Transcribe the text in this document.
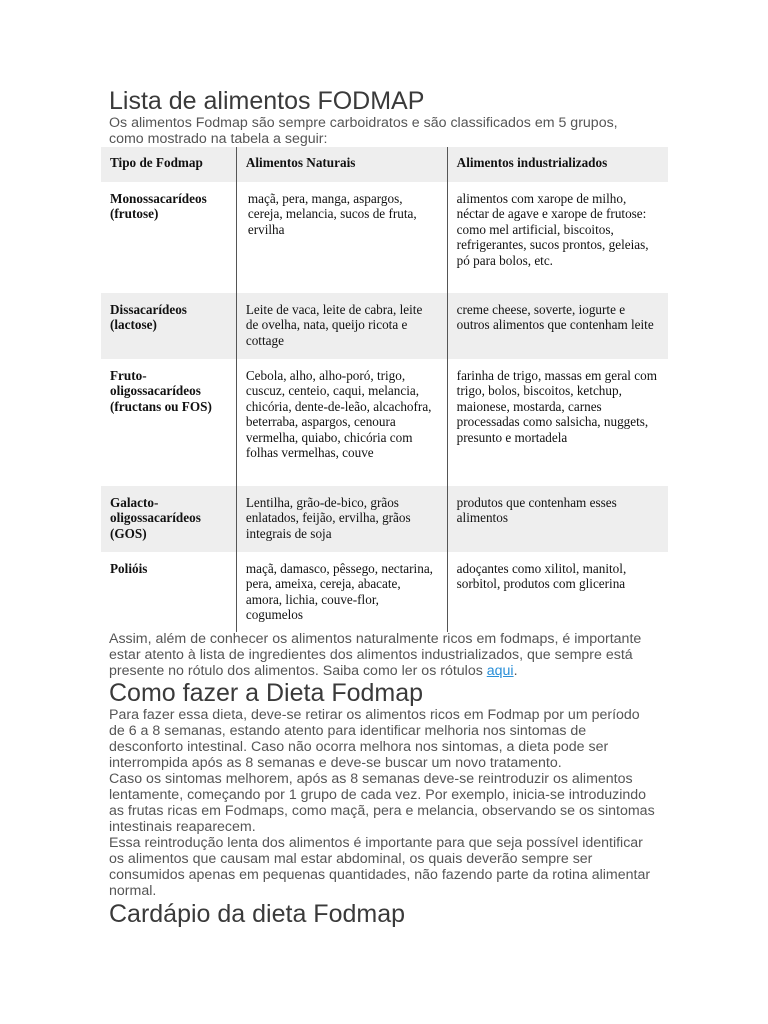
Lista de alimentos FODMAP

Os alimentos Fodmap são sempre carboidratos e são classificados em 5 grupos,

como mostrado na tabela a seguir:

Tipo de Fodmap	Alimentos Naturais	Alimentos industrializados
Monossacarídeos (frutose)	maçã, pera, manga, aspargos, cereja, melancia, sucos de fruta, ervilha	alimentos com xarope de milho, néctar de agave e xarope de frutose: como mel artificial, biscoitos, refrigerantes, sucos prontos, geleias, pó para bolos, etc.
Dissacarídeos (lactose)	Leite de vaca, leite de cabra, leite de ovelha, nata, queijo ricota e cottage	creme cheese, soverte, iogurte e outros alimentos que contenham leite
Fruto-oligossacarídeos (fructans ou FOS)	Cebola, alho, alho-poró, trigo, cuscuz, centeio, caqui, melancia, chicória, dente-de-leão, alcachofra, beterraba, aspargos, cenoura vermelha, quiabo, chicória com folhas vermelhas, couve	farinha de trigo, massas em geral com trigo, bolos, biscoitos, ketchup, maionese, mostarda, carnes processadas como salsicha, nuggets, presunto e mortadela
Galacto-oligossacarídeos (GOS)	Lentilha, grão-de-bico, grãos enlatados, feijão, ervilha, grãos integrais de soja	produtos que contenham esses alimentos
Polióis	maçã, damasco, pêssego, nectarina, pera, ameixa, cereja, abacate, amora, lichia, couve-flor, cogumelos	adoçantes como xilitol, manitol, sorbitol, produtos com glicerina

Assim, além de conhecer os alimentos naturalmente ricos em fodmaps, é importante estar atento à lista de ingredientes dos alimentos industrializados, que sempre está presente no rótulo dos alimentos. Saiba como ler os rótulos aqui.

Como fazer a Dieta Fodmap

Para fazer essa dieta, deve-se retirar os alimentos ricos em Fodmap por um período de 6 a 8 semanas, estando atento para identificar melhoria nos sintomas de desconforto intestinal. Caso não ocorra melhora nos sintomas, a dieta pode ser interrompida após as 8 semanas e deve-se buscar um novo tratamento.

Caso os sintomas melhorem, após as 8 semanas deve-se reintroduzir os alimentos lentamente, começando por 1 grupo de cada vez. Por exemplo, inicia-se introduzindo as frutas ricas em Fodmaps, como maçã, pera e melancia, observando se os sintomas intestinais reaparecem.

Essa reintrodução lenta dos alimentos é importante para que seja possível identificar os alimentos que causam mal estar abdominal, os quais deverão sempre ser consumidos apenas em pequenas quantidades, não fazendo parte da rotina alimentar normal.

Cardápio da dieta Fodmap
